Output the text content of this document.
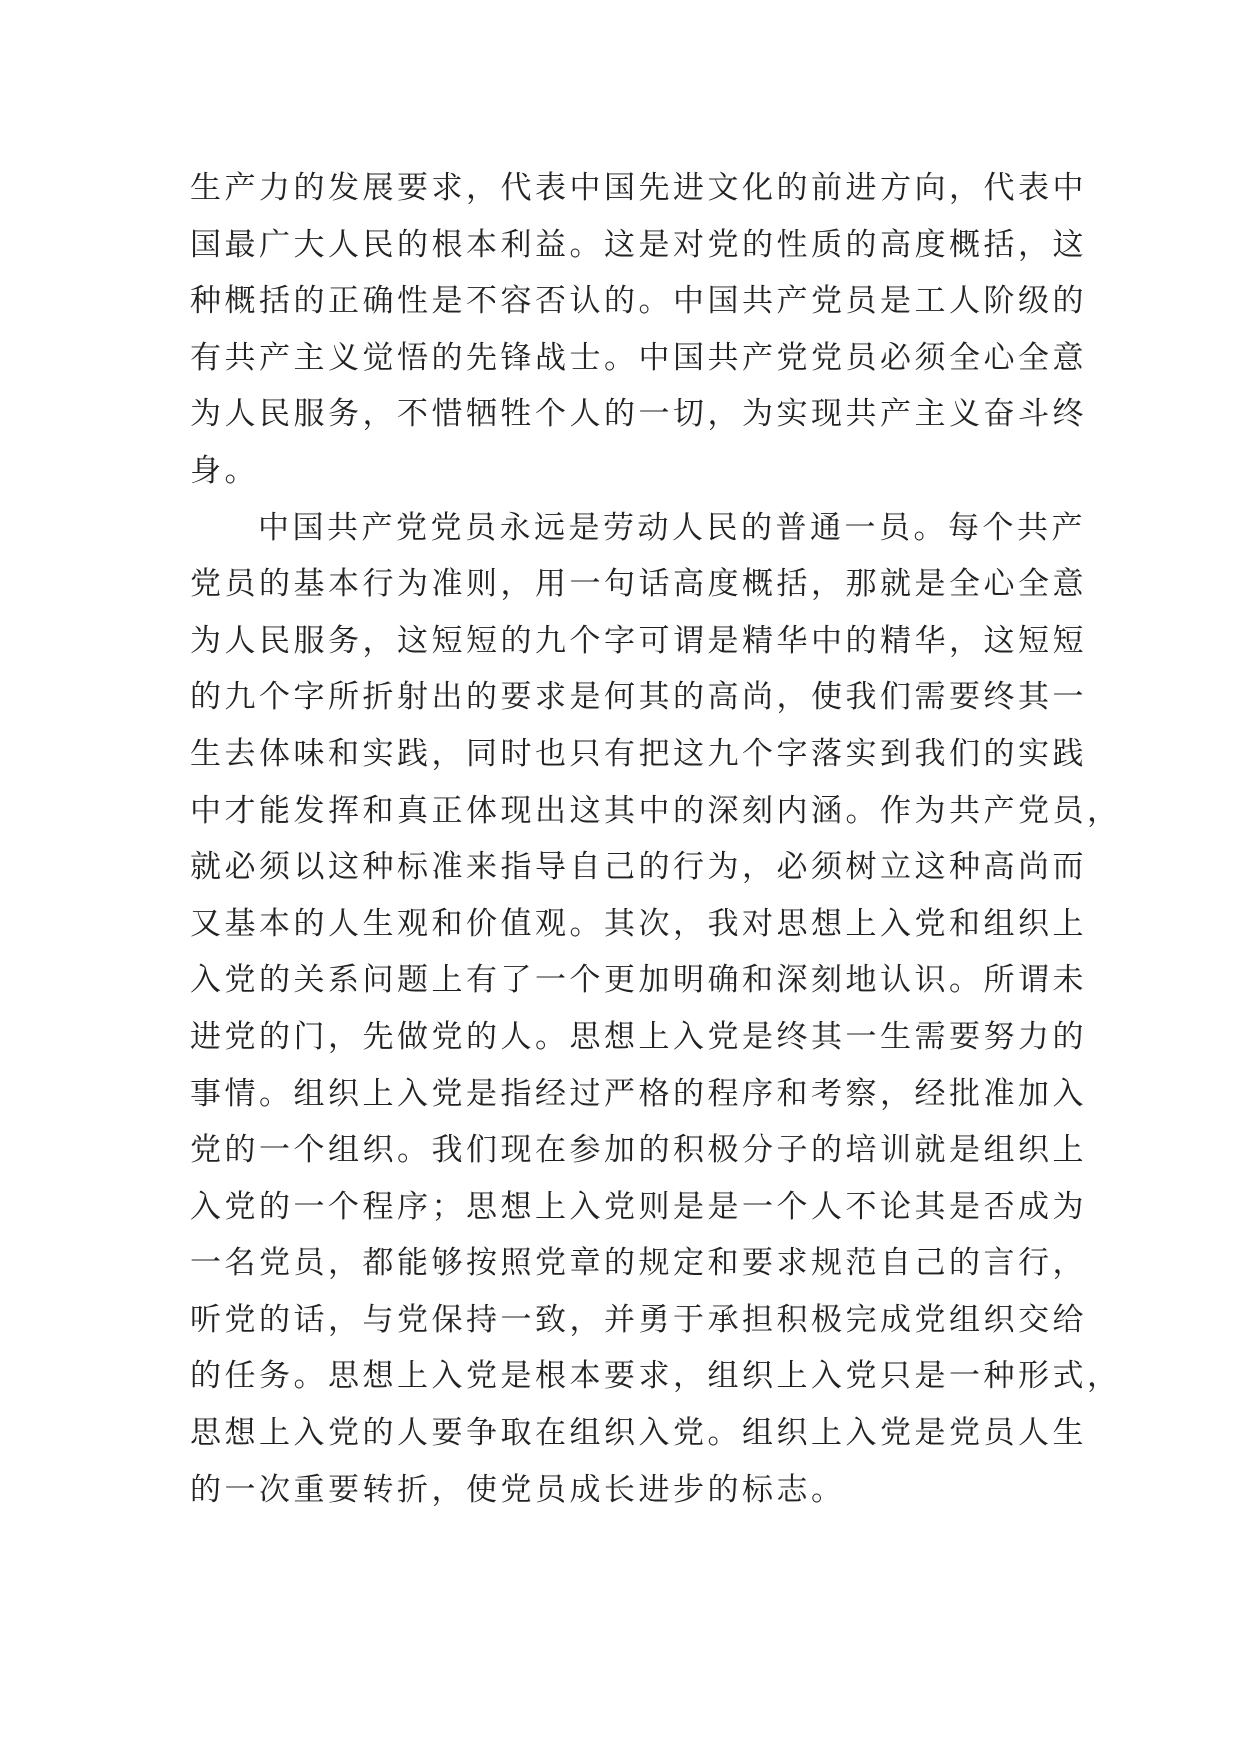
生产力的发展要求，代表中国先进文化的前进方向，代表中
国最广大人民的根本利益。这是对党的性质的高度概括，这
种概括的正确性是不容否认的。中国共产党员是工人阶级的
有共产主义觉悟的先锋战士。中国共产党党员必须全心全意
为人民服务，不惜牺牲个人的一切，为实现共产主义奋斗终
身。
中国共产党党员永远是劳动人民的普通一员。每个共产
党员的基本行为准则，用一句话高度概括，那就是全心全意
为人民服务，这短短的九个字可谓是精华中的精华，这短短
的九个字所折射出的要求是何其的高尚，使我们需要终其一
生去体味和实践，同时也只有把这九个字落实到我们的实践
中才能发挥和真正体现出这其中的深刻内涵。作为共产党员，
就必须以这种标准来指导自己的行为，必须树立这种高尚而
又基本的人生观和价值观。其次，我对思想上入党和组织上
入党的关系问题上有了一个更加明确和深刻地认识。所谓未
进党的门，先做党的人。思想上入党是终其一生需要努力的
事情。组织上入党是指经过严格的程序和考察，经批准加入
党的一个组织。我们现在参加的积极分子的培训就是组织上
入党的一个程序；思想上入党则是是一个人不论其是否成为
一名党员，都能够按照党章的规定和要求规范自己的言行，
听党的话，与党保持一致，并勇于承担积极完成党组织交给
的任务。思想上入党是根本要求，组织上入党只是一种形式，
思想上入党的人要争取在组织入党。组织上入党是党员人生
的一次重要转折，使党员成长进步的标志。
